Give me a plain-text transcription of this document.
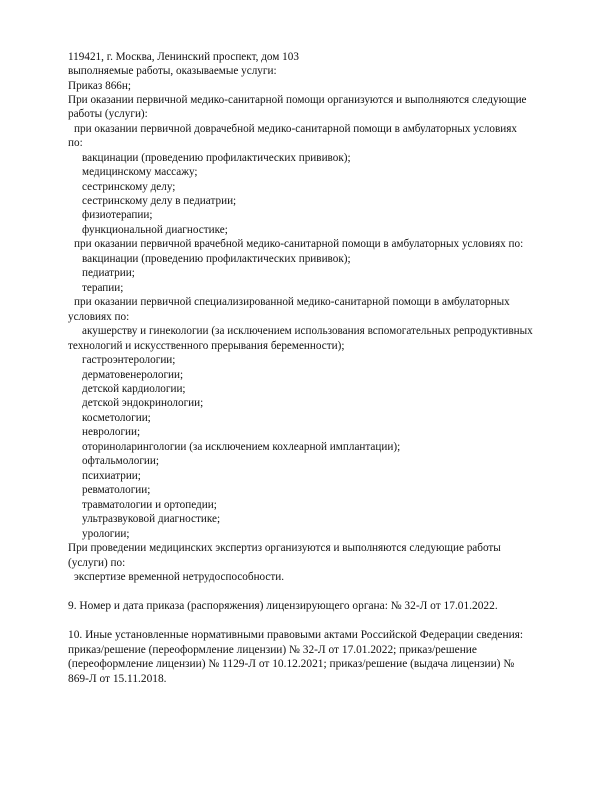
119421, г. Москва, Ленинский проспект, дом 103
выполняемые работы, оказываемые услуги:
Приказ 866н;
При оказании первичной медико-санитарной помощи организуются и выполняются следующие
работы (услуги):
при оказании первичной доврачебной медико-санитарной помощи в амбулаторных условиях
по:
вакцинации (проведению профилактических прививок);
медицинскому массажу;
сестринскому делу;
сестринскому делу в педиатрии;
физиотерапии;
функциональной диагностике;
при оказании первичной врачебной медико-санитарной помощи в амбулаторных условиях по:
вакцинации (проведению профилактических прививок);
педиатрии;
терапии;
при оказании первичной специализированной медико-санитарной помощи в амбулаторных
условиях по:
акушерству и гинекологии (за исключением использования вспомогательных репродуктивных
технологий и искусственного прерывания беременности);
гастроэнтерологии;
дерматовенерологии;
детской кардиологии;
детской эндокринологии;
косметологии;
неврологии;
оториноларингологии (за исключением кохлеарной имплантации);
офтальмологии;
психиатрии;
ревматологии;
травматологии и ортопедии;
ультразвуковой диагностике;
урологии;
При проведении медицинских экспертиз организуются и выполняются следующие работы
(услуги) по:
экспертизе временной нетрудоспособности.
9. Номер и дата приказа (распоряжения) лицензирующего органа: № 32-Л от 17.01.2022.
10. Иные установленные нормативными правовыми актами Российской Федерации сведения:
приказ/решение (переоформление лицензии) № 32-Л от 17.01.2022; приказ/решение
(переоформление лицензии) № 1129-Л от 10.12.2021; приказ/решение (выдача лицензии) №
869-Л от 15.11.2018.
